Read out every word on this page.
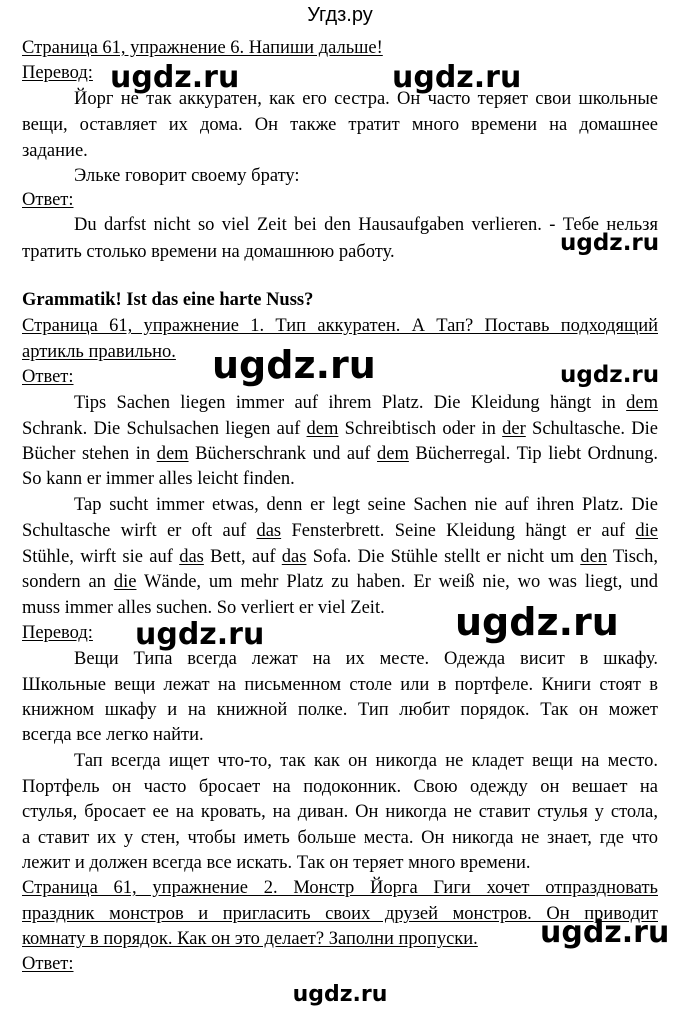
Угдз.ру
Страница 61, упражнение 6. Напиши дальше!
Перевод:
Йорг не так аккуратен, как его сестра. Он часто теряет свои школьные
вещи, оставляет их дома. Он также тратит много времени на домашнее
задание.
Эльке говорит своему брату:
Ответ:
Du darfst nicht so viel Zeit bei den Hausaufgaben verlieren. - Тебе нельзя
тратить столько времени на домашнюю работу.
Grammatik! Ist das eine harte Nuss?
Страница 61, упражнение 1. Тип аккуратен. А Тап? Поставь подходящий
артикль правильно.
Ответ:
Tips Sachen liegen immer auf ihrem Platz. Die Kleidung hängt in dem
Schrank. Die Schulsachen liegen auf dem Schreibtisch oder in der Schultasche. Die
Bücher stehen in dem Bücherschrank und auf dem Bücherregal. Tip liebt Ordnung.
So kann er immer alles leicht finden.
Tap sucht immer etwas, denn er legt seine Sachen nie auf ihren Platz. Die
Schultasche wirft er oft auf das Fensterbrett. Seine Kleidung hängt er auf die
Stühle, wirft sie auf das Bett, auf das Sofa. Die Stühle stellt er nicht um den Tisch,
sondern an die Wände, um mehr Platz zu haben. Er weiß nie, wo was liegt, und
muss immer alles suchen. So verliert er viel Zeit.
Перевод:
Вещи Типа всегда лежат на их месте. Одежда висит в шкафу.
Школьные вещи лежат на письменном столе или в портфеле. Книги стоят в
книжном шкафу и на книжной полке. Тип любит порядок. Так он может
всегда все легко найти.
Тап всегда ищет что-то, так как он никогда не кладет вещи на место.
Портфель он часто бросает на подоконник. Свою одежду он вешает на
стулья, бросает ее на кровать, на диван. Он никогда не ставит стулья у стола,
а ставит их у стен, чтобы иметь больше места. Он никогда не знает, где что
лежит и должен всегда все искать. Так он теряет много времени.
Страница 61, упражнение 2. Монстр Йорга Гиги хочет отпраздновать
праздник монстров и пригласить своих друзей монстров. Он приводит
комнату в порядок. Как он это делает? Заполни пропуски.
Ответ:
ugdz.ru	ugdz.ru
ugdz.ru
ugdz.ru	ugdz.ru
ugdz.ru
ugdz.ru
ugdz.ru
ugdz.ru
